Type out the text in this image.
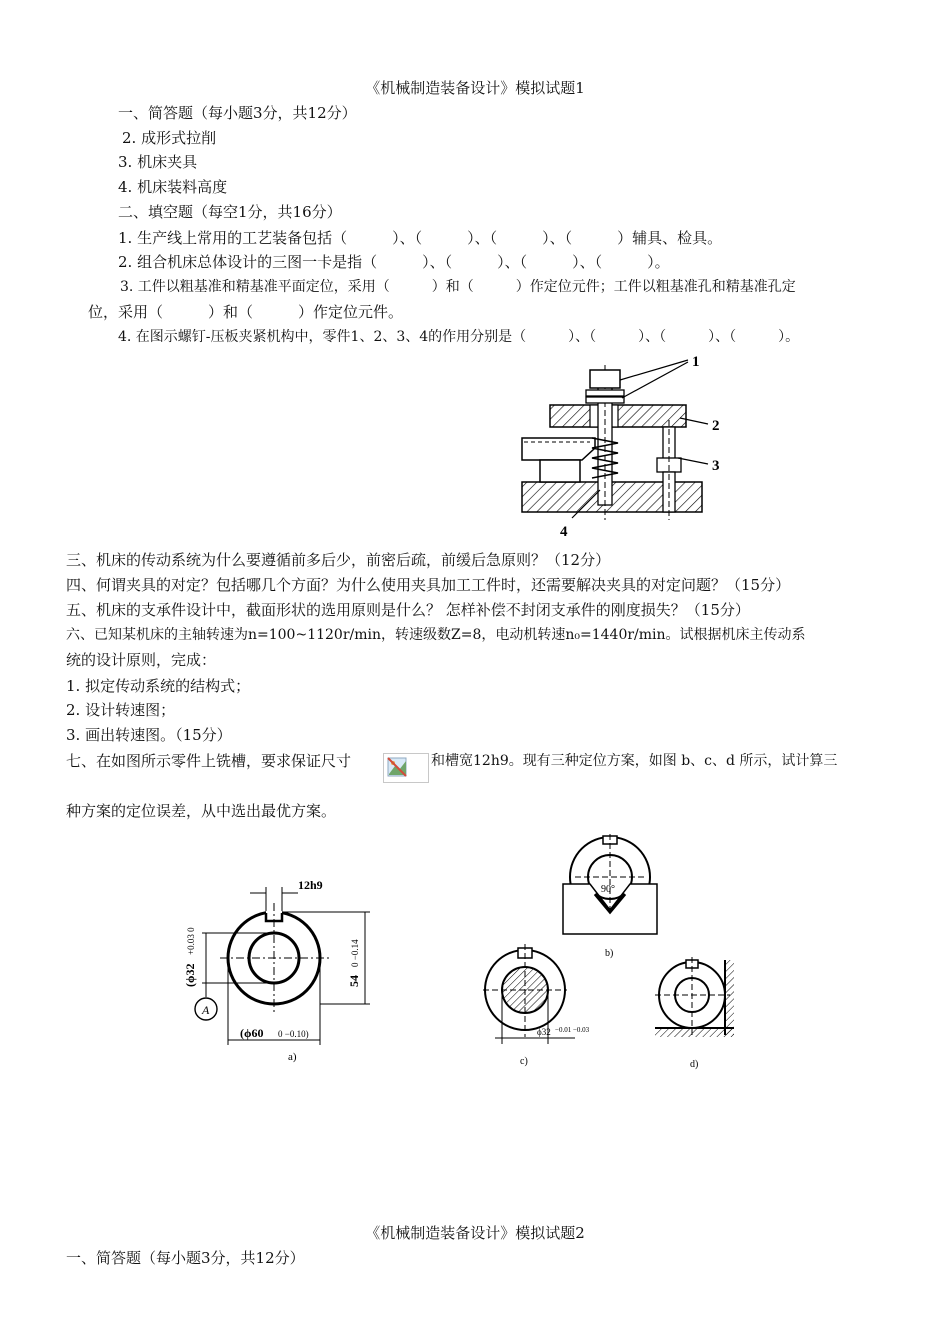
《机械制造装备设计》模拟试题1
一、简答题（每小题3分，共12分）
2. 成形式拉削
3. 机床夹具
4. 机床装料高度
二、填空题（每空1分，共16分）
1. 生产线上常用的工艺装备包括（　　　）、（　　　）、（　　　）、（　　　）辅具、检具。
2. 组合机床总体设计的三图一卡是指（　　　）、（　　　）、（　　　）、（　　　）。
3. 工件以粗基准和精基准平面定位，采用（　　　）和（　　　）作定位元件；工件以粗基准孔和精基准孔定
位，采用（　　　）和（　　　）作定位元件。
4. 在图示螺钉-压板夹紧机构中，零件1、2、3、4的作用分别是（　　　）、（　　　）、（　　　）、（　　　）。
1
2
3
4
三、机床的传动系统为什么要遵循前多后少，前密后疏，前缓后急原则？（12分）
四、何谓夹具的对定？包括哪几个方面？为什么使用夹具加工工件时，还需要解决夹具的对定问题？（15分）
五、机床的支承件设计中，截面形状的选用原则是什么？ 怎样补偿不封闭支承件的刚度损失？（15分）
六、已知某机床的主轴转速为n=100~1120r/min，转速级数Z=8，电动机转速n₀=1440r/min。试根据机床主传动系
统的设计原则，完成：
1. 拟定传动系统的结构式；
2. 设计转速图；
3. 画出转速图。（15分）
七、在如图所示零件上铣槽，要求保证尺寸	和槽宽12h9。现有三种定位方案，如图 b、c、d 所示，试计算三
种方案的定位误差，从中选出最优方案。
12h9
54
0 −0.14
(ϕ32
+0.03 0
A
(ϕ60 0 −0.10)
a)
90°
b)
ϕ32 −0.01 −0.03
c)	d)
《机械制造装备设计》模拟试题2
一、简答题（每小题3分，共12分）
